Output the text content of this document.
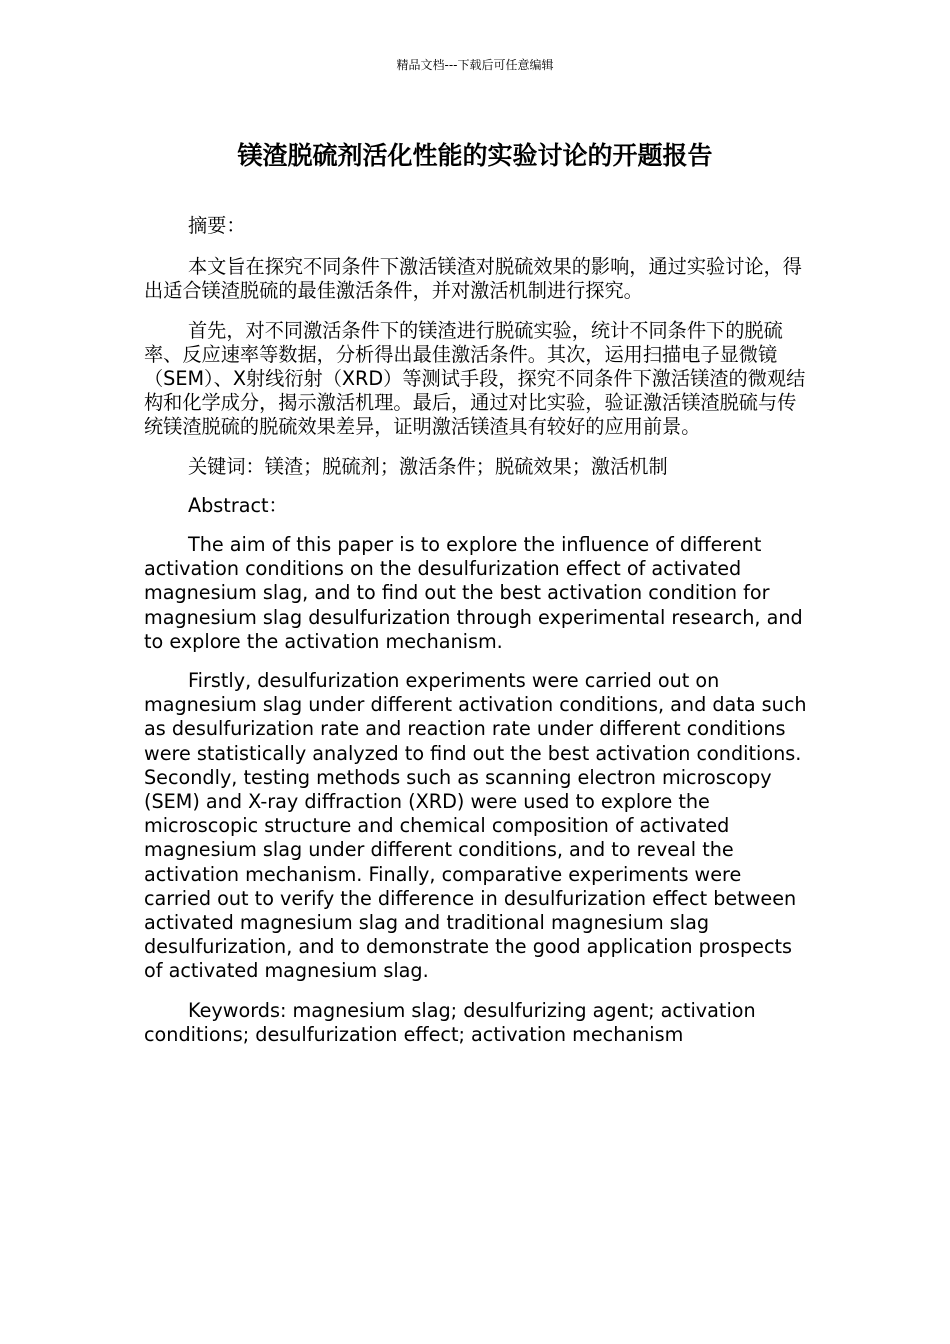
精品文档---下载后可任意编辑
镁渣脱硫剂活化性能的实验讨论的开题报告

摘要：

本文旨在探究不同条件下激活镁渣对脱硫效果的影响，通过实验讨论，得出适合镁渣脱硫的最佳激活条件，并对激活机制进行探究。

首先，对不同激活条件下的镁渣进行脱硫实验，统计不同条件下的脱硫率、反应速率等数据，分析得出最佳激活条件。其次，运用扫描电子显微镜（SEM）、X射线衍射（XRD）等测试手段，探究不同条件下激活镁渣的微观结构和化学成分，揭示激活机理。最后，通过对比实验，验证激活镁渣脱硫与传统镁渣脱硫的脱硫效果差异，证明激活镁渣具有较好的应用前景。

关键词：镁渣；脱硫剂；激活条件；脱硫效果；激活机制

Abstract：

The aim of this paper is to explore the influence of different activation conditions on the desulfurization effect of activated magnesium slag, and to find out the best activation condition for magnesium slag desulfurization through experimental research, and to explore the activation mechanism.

Firstly, desulfurization experiments were carried out on magnesium slag under different activation conditions, and data such as desulfurization rate and reaction rate under different conditions were statistically analyzed to find out the best activation conditions. Secondly, testing methods such as scanning electron microscopy (SEM) and X-ray diffraction (XRD) were used to explore the microscopic structure and chemical composition of activated magnesium slag under different conditions, and to reveal the activation mechanism. Finally, comparative experiments were carried out to verify the difference in desulfurization effect between activated magnesium slag and traditional magnesium slag desulfurization, and to demonstrate the good application prospects of activated magnesium slag.

Keywords: magnesium slag; desulfurizing agent; activation conditions; desulfurization effect; activation mechanism
